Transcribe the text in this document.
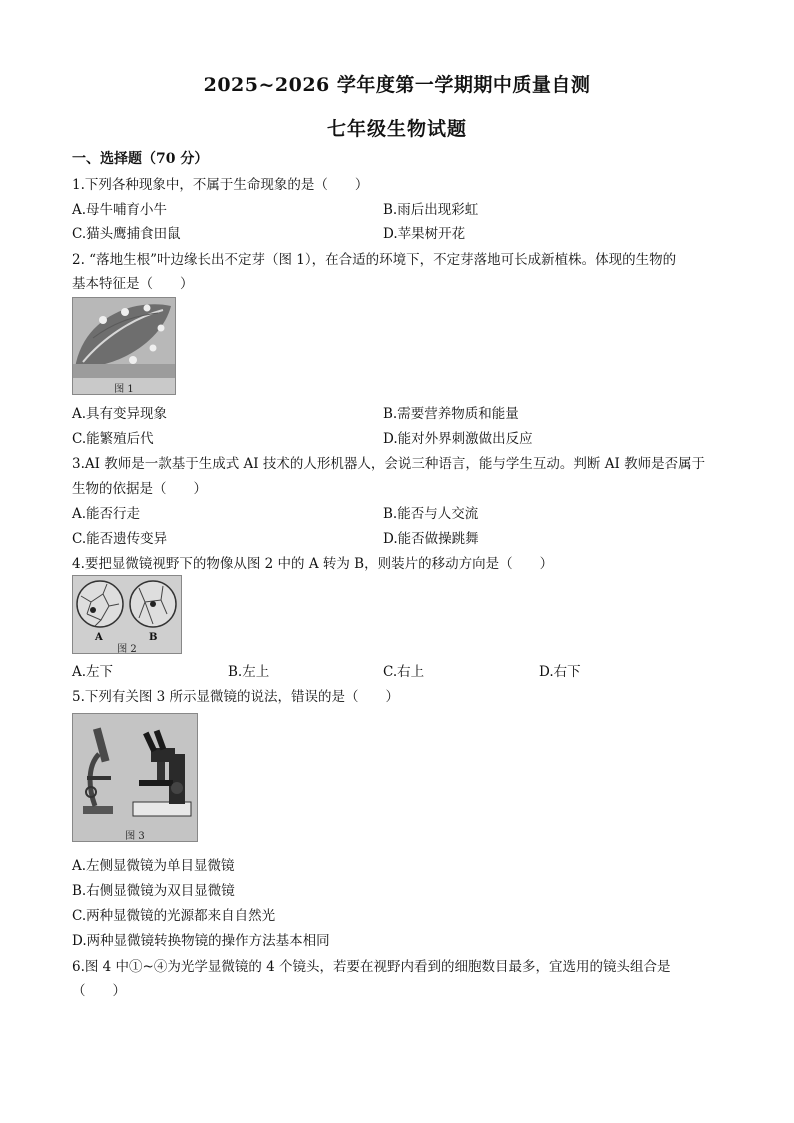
2025~2026 学年度第一学期期中质量自测
七年级生物试题
一、选择题（70 分）
1.下列各种现象中，不属于生命现象的是（　　）
A.母牛哺育小牛	B.雨后出现彩虹
C.猫头鹰捕食田鼠	D.苹果树开花
2. “落地生根”叶边缘长出不定芽（图 1），在合适的环境下，不定芽落地可长成新植株。体现的生物的
基本特征是（　　）
图 1
A.具有变异现象	B.需要营养物质和能量
C.能繁殖后代	D.能对外界刺激做出反应
3.AI 教师是一款基于生成式 AI 技术的人形机器人，会说三种语言，能与学生互动。判断 AI 教师是否属于
生物的依据是（　　）
A.能否行走	B.能否与人交流
C.能否遗传变异	D.能否做操跳舞
4.要把显微镜视野下的物像从图 2 中的 A 转为 B，则装片的移动方向是（　　）
A	B
图 2
A.左下	B.左上	C.右上	D.右下
5.下列有关图 3 所示显微镜的说法，错误的是（　　）
图 3
A.左侧显微镜为单目显微镜
B.右侧显微镜为双目显微镜
C.两种显微镜的光源都来自自然光
D.两种显微镜转换物镜的操作方法基本相同
6.图 4 中①~④为光学显微镜的 4 个镜头，若要在视野内看到的细胞数目最多，宜选用的镜头组合是
（　　）
